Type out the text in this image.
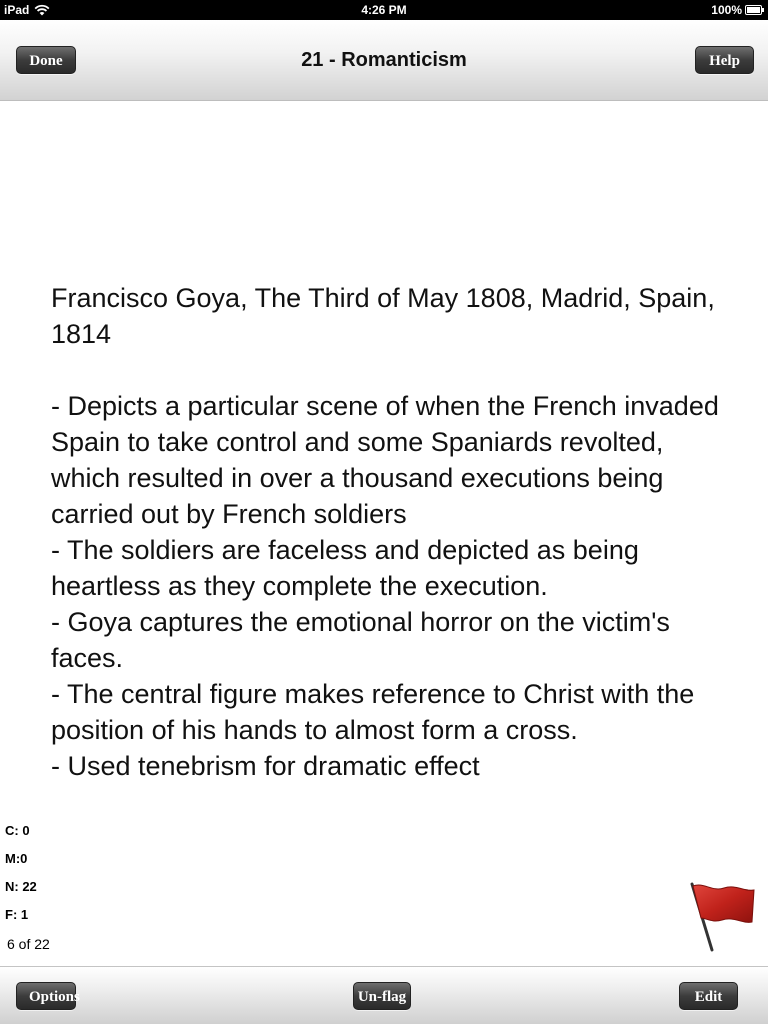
iPad	4:26 PM	100%
Done	21 - Romanticism	Help

Francisco Goya, The Third of May 1808, Madrid, Spain, 1814

- Depicts a particular scene of when the French invaded Spain to take control and some Spaniards revolted, which resulted in over a thousand executions being carried out by French soldiers
- The soldiers are faceless and depicted as being heartless as they complete the execution.
- Goya captures the emotional horror on the victim's faces.
- The central figure makes reference to Christ with the position of his hands to almost form a cross.
- Used tenebrism for dramatic effect

C: 0
M:0
N: 22
F: 1
6 of 22
Options	Un-flag	Edit
